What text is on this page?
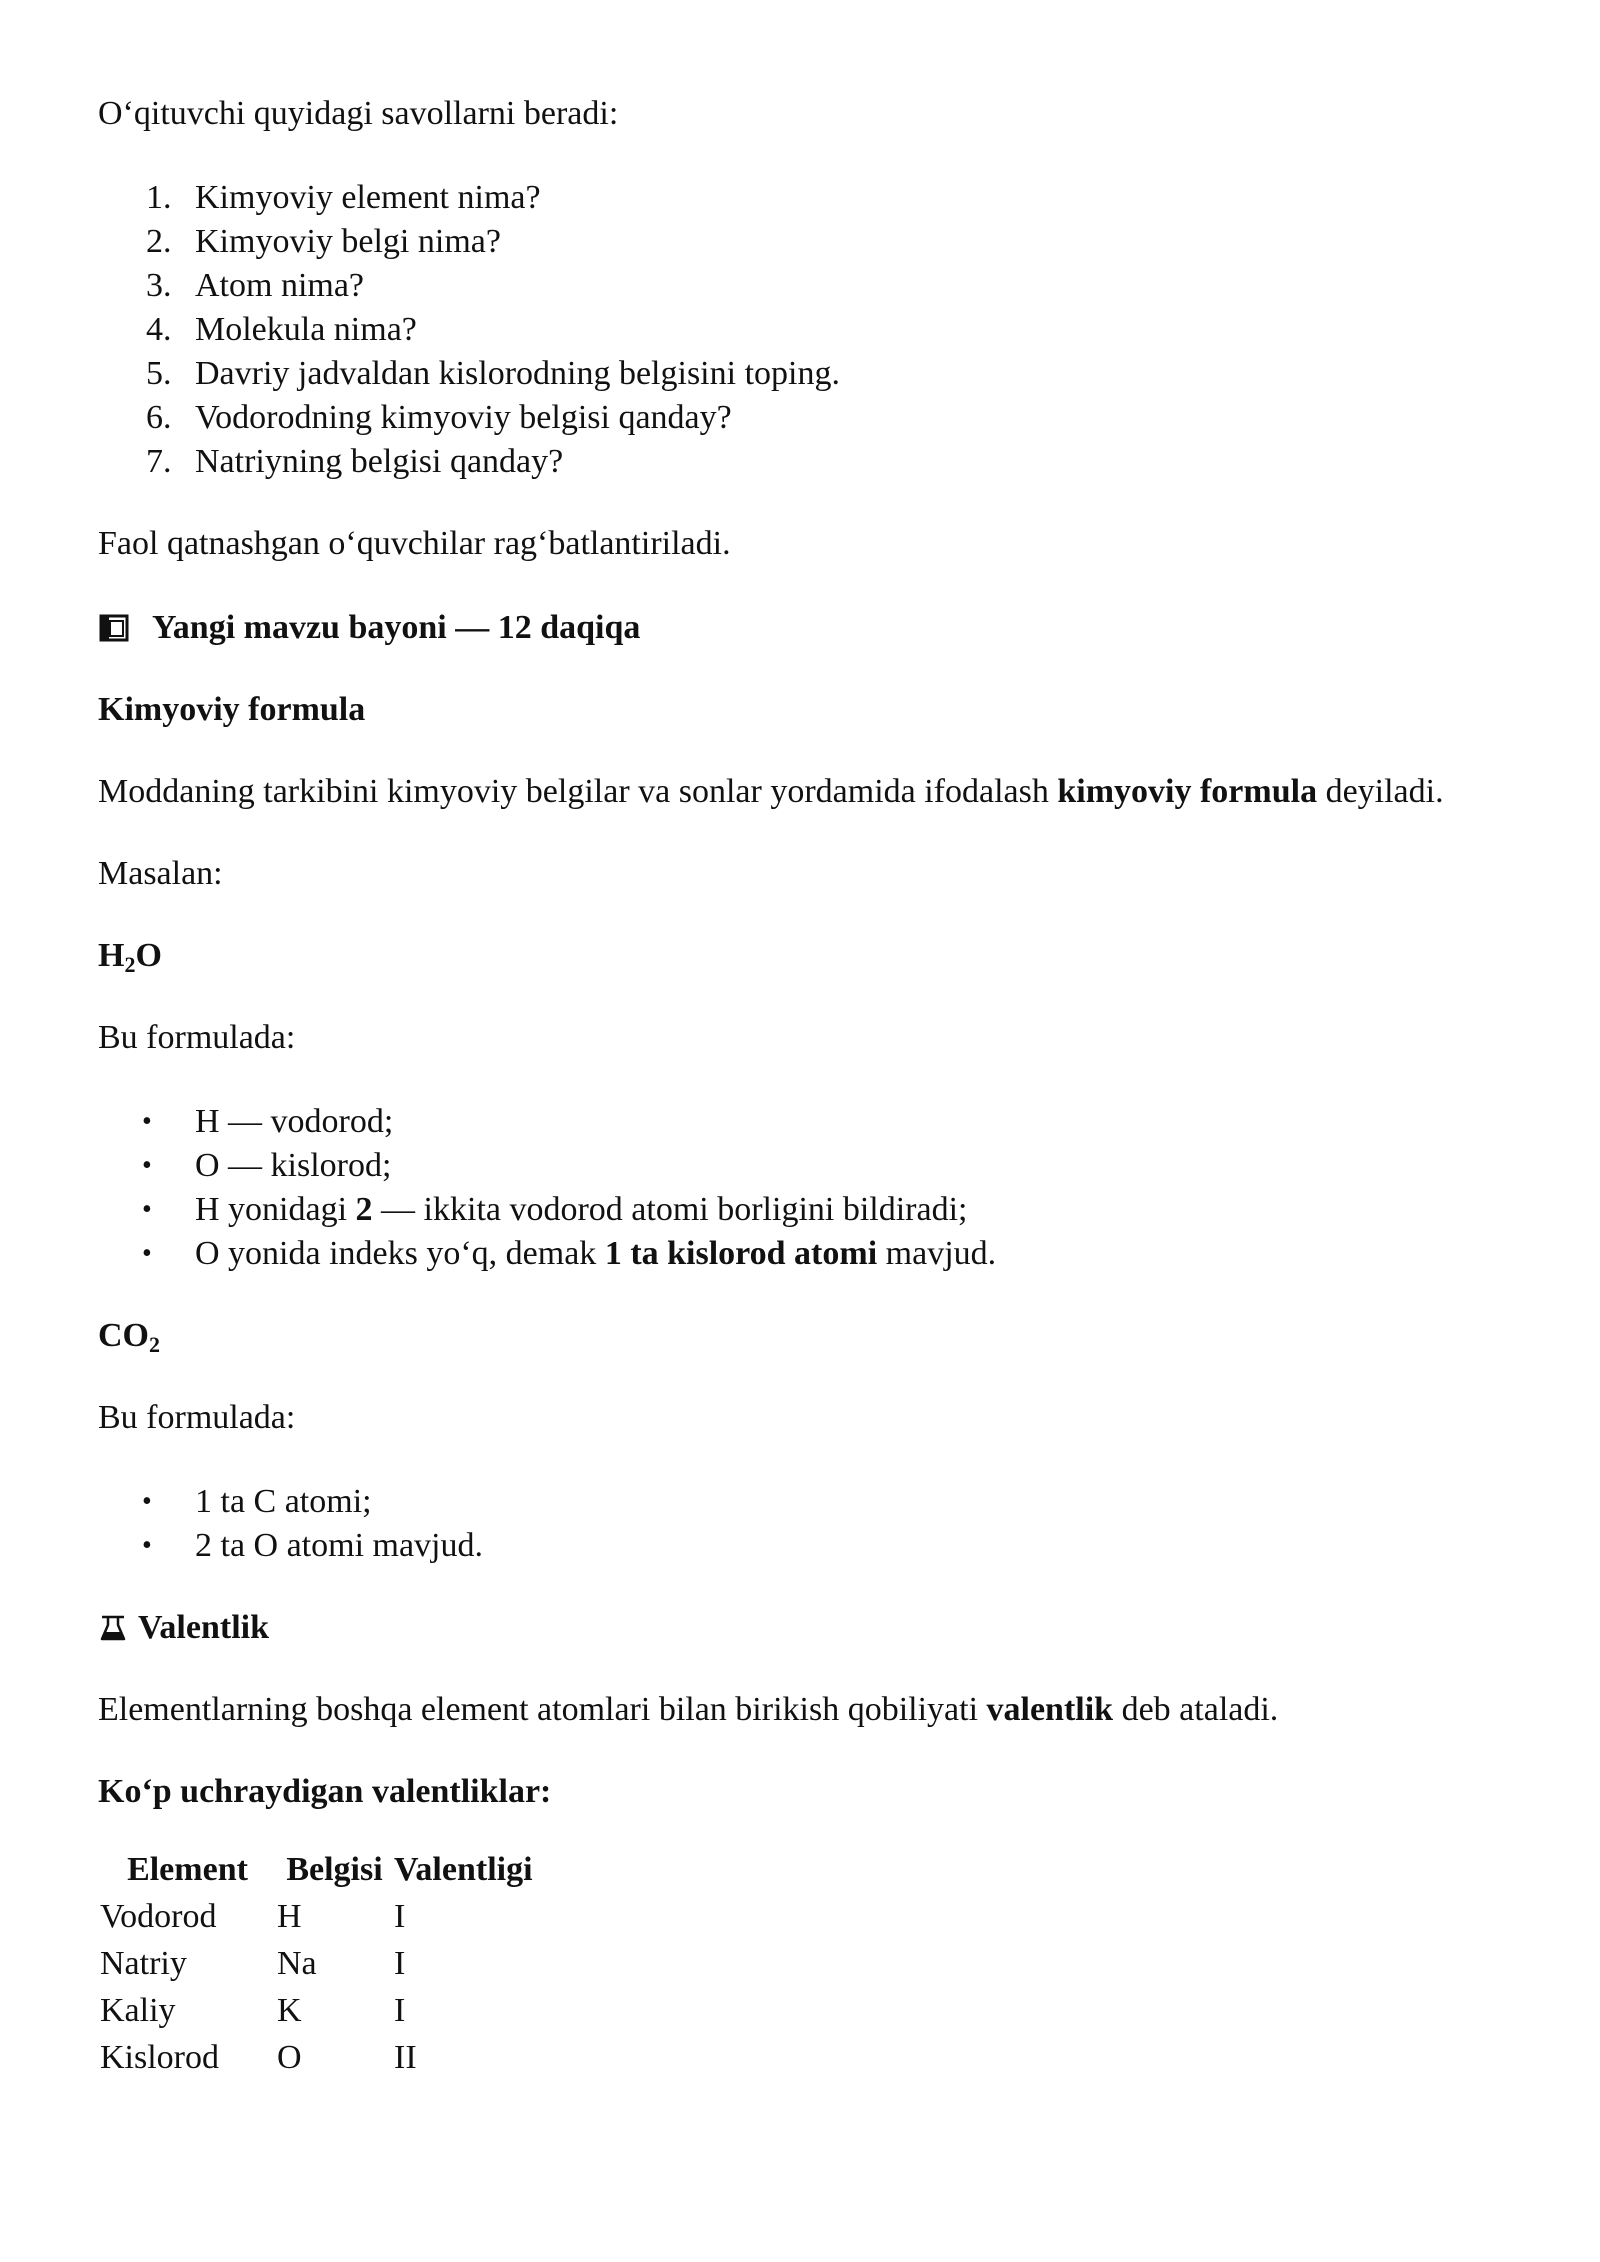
Oʻqituvchi quyidagi savollarni beradi:

1. Kimyoviy element nima?
2. Kimyoviy belgi nima?
3. Atom nima?
4. Molekula nima?
5. Davriy jadvaldan kislorodning belgisini toping.
6. Vodorodning kimyoviy belgisi qanday?
7. Natriyning belgisi qanday?

Faol qatnashgan oʻquvchilar ragʻbatlantiriladi.

Yangi mavzu bayoni — 12 daqiqa

Kimyoviy formula

Moddaning tarkibini kimyoviy belgilar va sonlar yordamida ifodalash kimyoviy formula deyiladi.

Masalan:

$H_2O$

Bu formulada:

• H — vodorod;
• O — kislorod;
• H yonidagi 2 — ikkita vodorod atomi borligini bildiradi;
• O yonida indeks yoʻq, demak 1 ta kislorod atomi mavjud.

$CO_2$

Bu formulada:

• 1 ta C atomi;
• 2 ta O atomi mavjud.

Valentlik

Elementlarning boshqa element atomlari bilan birikish qobiliyati valentlik deb ataladi.

Koʻp uchraydigan valentliklar:

Element	Belgisi	Valentligi
Vodorod	H	I
Natriy	Na	I
Kaliy	K	I
Kislorod	O	II
